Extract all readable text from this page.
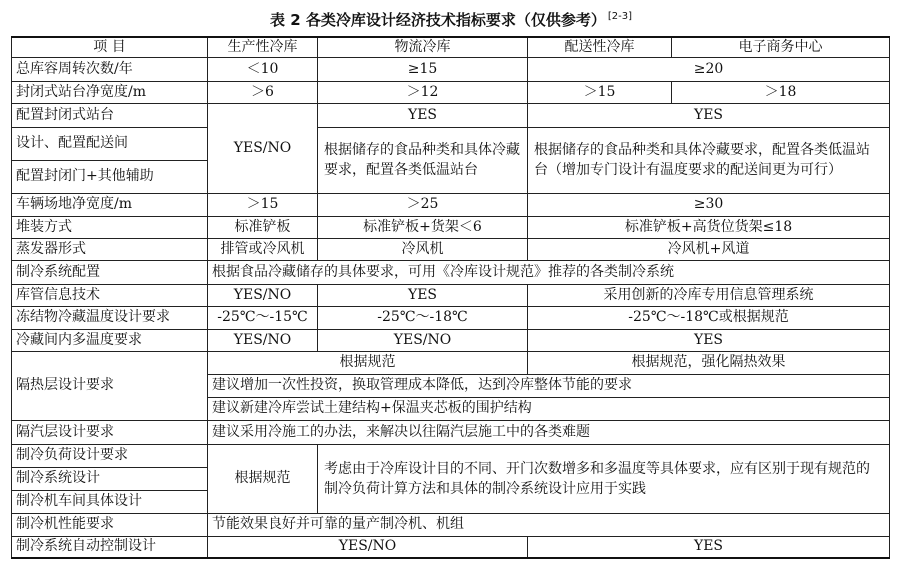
表 2 各类冷库设计经济技术指标要求（仅供参考） [2-3]
项 目	生产性冷库	物流冷库	配送性冷库	电子商务中心
总库容周转次数/年	＜10	≥15	≥20	
封闭式站台净宽度/m	＞6	＞12	＞15	＞18
配置封闭式站台	YES/NO	YES	YES	
设计、配置配送间		根据储存的食品种类和具体冷藏要求，配置各类低温站台	根据储存的食品种类和具体冷藏要求，配置各类低温站台（增加专门设计有温度要求的配送间更为可行）	
配置封闭门+其他辅助				
车辆场地净宽度/m	＞15	＞25	≥30	
堆装方式	标准铲板	标准铲板+货架＜6	标准铲板+高货位货架≤18	
蒸发器形式	排管或冷风机	冷风机	冷风机+风道	
制冷系统配置	根据食品冷藏储存的具体要求，可用《冷库设计规范》推荐的各类制冷系统			
库管信息技术	YES/NO	YES	采用创新的冷库专用信息管理系统	
冻结物冷藏温度设计要求	-25℃～-15℃	-25℃～-18℃	-25℃～-18℃或根据规范	
冷藏间内多温度要求	YES/NO	YES/NO	YES	
隔热层设计要求	根据规范		根据规范，强化隔热效果	
	建议增加一次性投资，换取管理成本降低，达到冷库整体节能的要求			
	建议新建冷库尝试土建结构+保温夹芯板的围护结构			
隔汽层设计要求	建议采用冷施工的办法，来解决以往隔汽层施工中的各类难题			
制冷负荷设计要求	根据规范	考虑由于冷库设计目的不同、开门次数增多和多温度等具体要求，应有区别于现有规范的制冷负荷计算方法和具体的制冷系统设计应用于实践		
制冷系统设计				
制冷机车间具体设计				
制冷机性能要求	节能效果良好并可靠的量产制冷机、机组			
制冷系统自动控制设计	YES/NO		YES	
